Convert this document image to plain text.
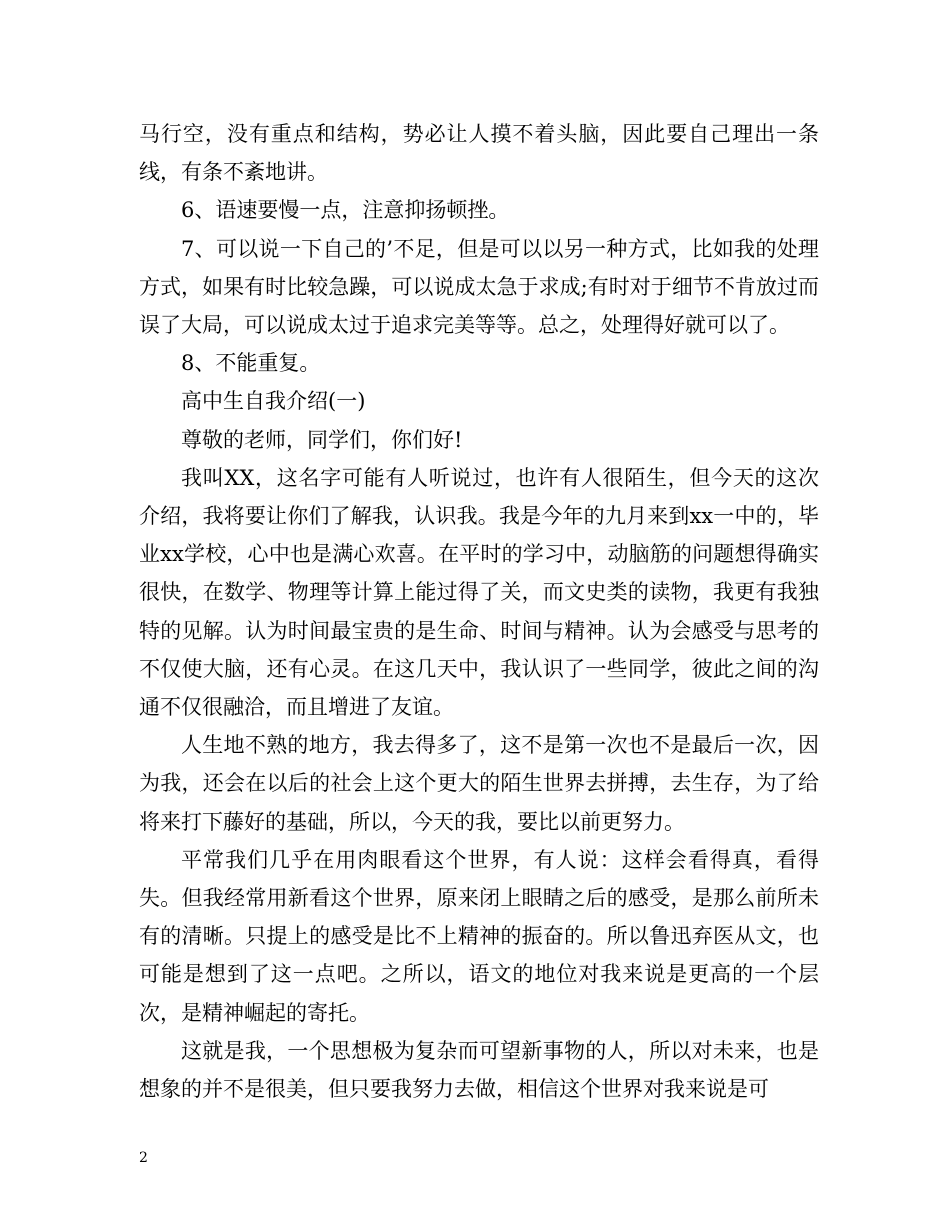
马行空，没有重点和结构，势必让人摸不着头脑，因此要自己理出一条线，有条不紊地讲。

6、语速要慢一点，注意抑扬顿挫。

7、可以说一下自己的’不足，但是可以以另一种方式，比如我的处理方式，如果有时比较急躁，可以说成太急于求成;有时对于细节不肯放过而误了大局，可以说成太过于追求完美等等。总之，处理得好就可以了。

8、不能重复。

高中生自我介绍(一)

尊敬的老师，同学们，你们好!

我叫XX，这名字可能有人听说过，也许有人很陌生，但今天的这次介绍，我将要让你们了解我，认识我。我是今年的九月来到xx一中的，毕业xx学校，心中也是满心欢喜。在平时的学习中，动脑筋的问题想得确实很快，在数学、物理等计算上能过得了关，而文史类的读物，我更有我独特的见解。认为时间最宝贵的是生命、时间与精神。认为会感受与思考的不仅使大脑，还有心灵。在这几天中，我认识了一些同学，彼此之间的沟通不仅很融洽，而且增进了友谊。

人生地不熟的地方，我去得多了，这不是第一次也不是最后一次，因为我，还会在以后的社会上这个更大的陌生世界去拼搏，去生存，为了给将来打下藤好的基础，所以，今天的我，要比以前更努力。

平常我们几乎在用肉眼看这个世界，有人说：这样会看得真，看得失。但我经常用新看这个世界，原来闭上眼睛之后的感受，是那么前所未有的清晰。只提上的感受是比不上精神的振奋的。所以鲁迅弃医从文，也可能是想到了这一点吧。之所以，语文的地位对我来说是更高的一个层次，是精神崛起的寄托。

这就是我，一个思想极为复杂而可望新事物的人，所以对未来，也是想象的并不是很美，但只要我努力去做，相信这个世界对我来说是可

2
